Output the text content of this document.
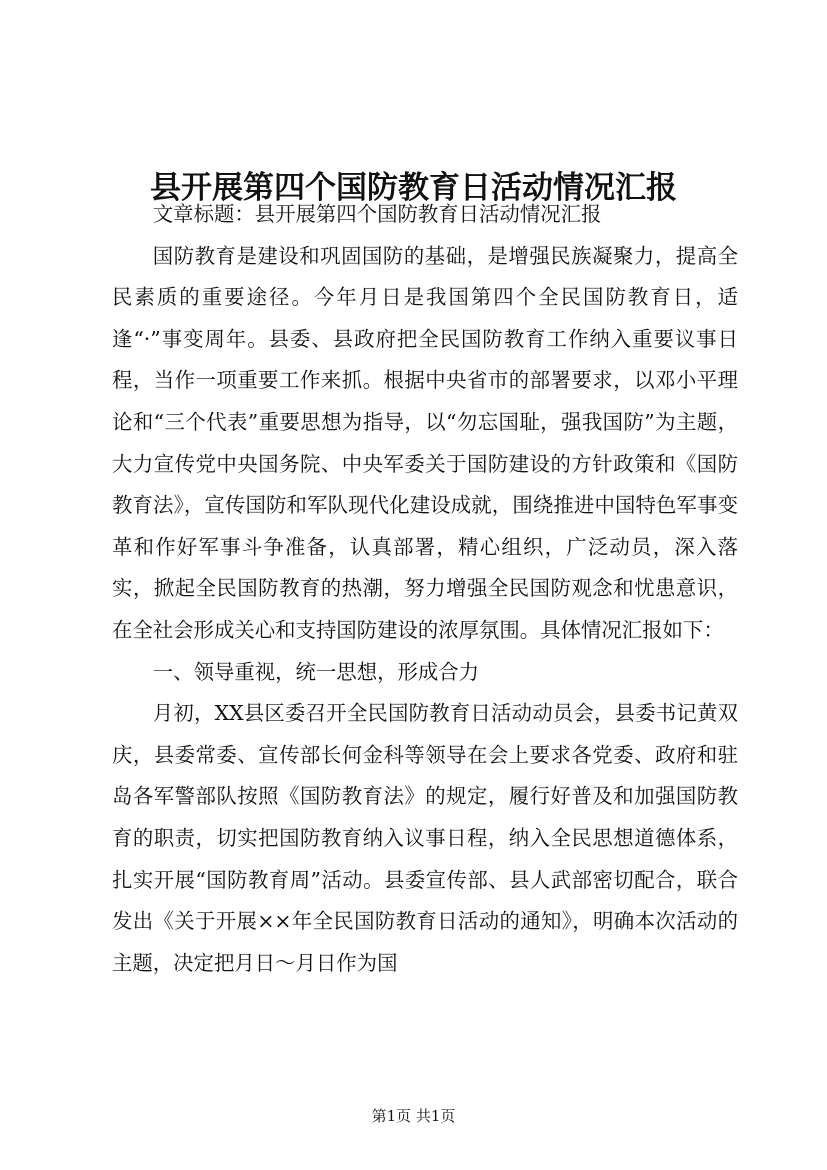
县开展第四个国防教育日活动情况汇报

文章标题：县开展第四个国防教育日活动情况汇报

国防教育是建设和巩固国防的基础，是增强民族凝聚力，提高全民素质的重要途径。今年月日是我国第四个全民国防教育日，适逢“·”事变周年。县委、县政府把全民国防教育工作纳入重要议事日程，当作一项重要工作来抓。根据中央省市的部署要求，以邓小平理论和“三个代表”重要思想为指导，以“勿忘国耻，强我国防”为主题，大力宣传党中央国务院、中央军委关于国防建设的方针政策和《国防教育法》，宣传国防和军队现代化建设成就，围绕推进中国特色军事变革和作好军事斗争准备，认真部署，精心组织，广泛动员，深入落实，掀起全民国防教育的热潮，努力增强全民国防观念和忧患意识，在全社会形成关心和支持国防建设的浓厚氛围。具体情况汇报如下：

一、领导重视，统一思想，形成合力

月初，XX县区委召开全民国防教育日活动动员会，县委书记黄双庆，县委常委、宣传部长何金科等领导在会上要求各党委、政府和驻岛各军警部队按照《国防教育法》的规定，履行好普及和加强国防教育的职责，切实把国防教育纳入议事日程，纳入全民思想道德体系，扎实开展“国防教育周”活动。县委宣传部、县人武部密切配合，联合发出《关于开展××年全民国防教育日活动的通知》，明确本次活动的主题，决定把月日～月日作为国

第1页 共1页
